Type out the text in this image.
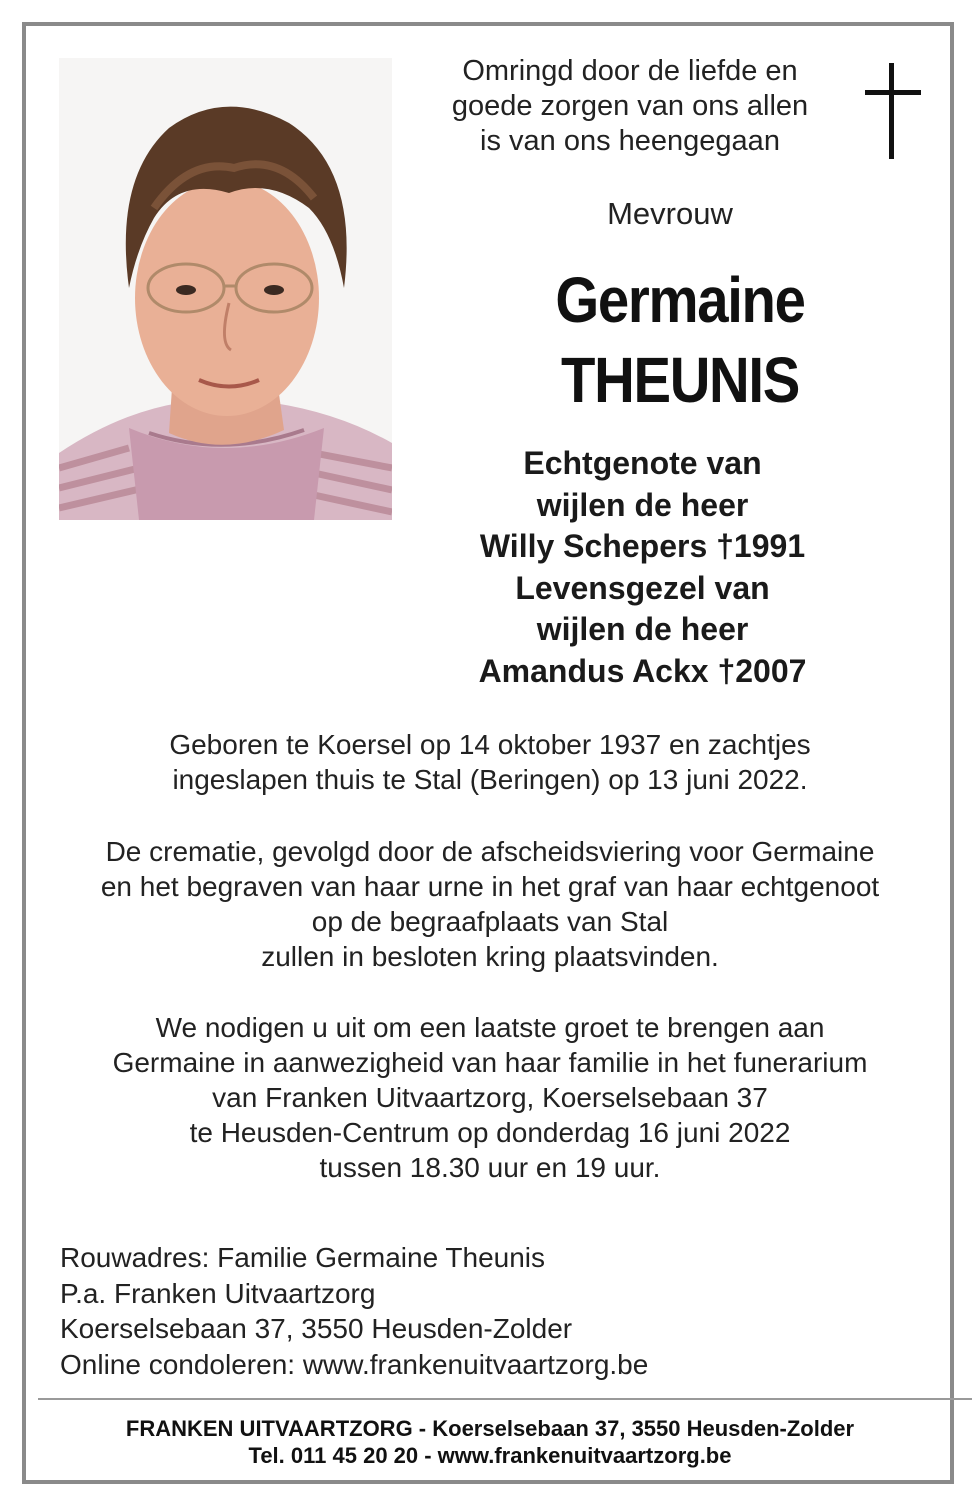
Omringd door de liefde en
goede zorgen van ons allen
is van ons heengegaan
Mevrouw
Germaine
THEUNIS
Echtgenote van
wijlen de heer
Willy Schepers †1991
Levensgezel van
wijlen de heer
Amandus Ackx †2007
Geboren te Koersel op 14 oktober 1937 en zachtjes
ingeslapen thuis te Stal (Beringen) op 13 juni 2022.
De crematie, gevolgd door de afscheidsviering voor Germaine
en het begraven van haar urne in het graf van haar echtgenoot
op de begraafplaats van Stal
zullen in besloten kring plaatsvinden.
We nodigen u uit om een laatste groet te brengen aan
Germaine in aanwezigheid van haar familie in het funerarium
van Franken Uitvaartzorg, Koerselsebaan 37
te Heusden-Centrum op donderdag 16 juni 2022
tussen 18.30 uur en 19 uur.
Rouwadres: Familie Germaine Theunis
P.a. Franken Uitvaartzorg
Koerselsebaan 37, 3550 Heusden-Zolder
Online condoleren: www.frankenuitvaartzorg.be
FRANKEN UITVAARTZORG - Koerselsebaan 37, 3550 Heusden-Zolder
Tel. 011 45 20 20 - www.frankenuitvaartzorg.be
